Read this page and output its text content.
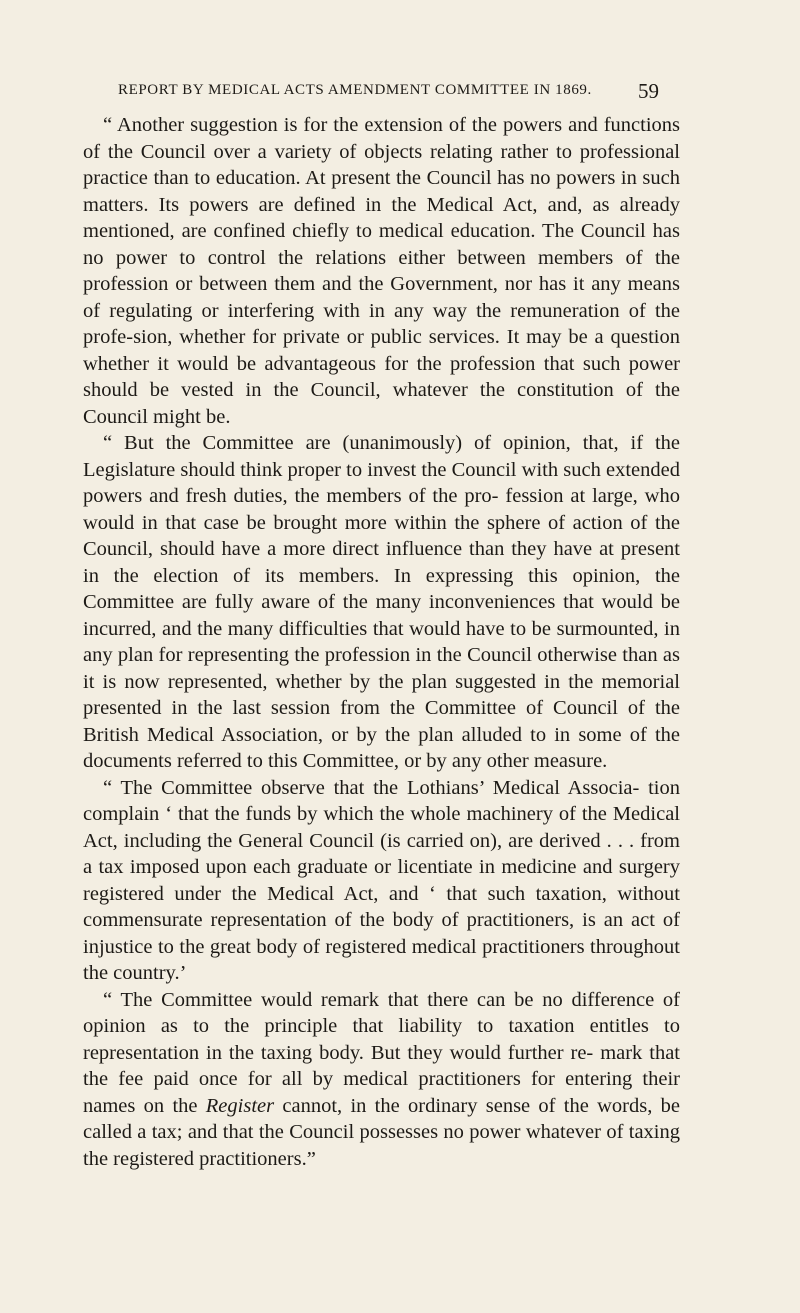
REPORT BY MEDICAL ACTS AMENDMENT COMMITTEE IN 1869.	59

“ Another suggestion is for the extension of the powers and functions of the Council over a variety of objects relating rather to professional practice than to education. At present the Council has no powers in such matters. Its powers are defined in the Medical Act, and, as already mentioned, are confined chiefly to medical education. The Council has no power to control the relations either between members of the profession or between them and the Government, nor has it any means of regulating or interfering with in any way the remuneration of the profe-sion, whether for private or public services. It may be a question whether it would be advantageous for the profession that such power should be vested in the Council, whatever the constitution of the Council might be.

“ But the Committee are (unanimously) of opinion, that, if the Legislature should think proper to invest the Council with such extended powers and fresh duties, the members of the pro- fession at large, who would in that case be brought more within the sphere of action of the Council, should have a more direct influence than they have at present in the election of its members. In expressing this opinion, the Committee are fully aware of the many inconveniences that would be incurred, and the many difficulties that would have to be surmounted, in any plan for representing the profession in the Council otherwise than as it is now represented, whether by the plan suggested in the memorial presented in the last session from the Committee of Council of the British Medical Association, or by the plan alluded to in some of the documents referred to this Committee, or by any other measure.

“ The Committee observe that the Lothians’ Medical Associa- tion complain ‘ that the funds by which the whole machinery of the Medical Act, including the General Council (is carried on), are derived . . . from a tax imposed upon each graduate or licentiate in medicine and surgery registered under the Medical Act, and ‘ that such taxation, without commensurate representation of the body of practitioners, is an act of injustice to the great body of registered medical practitioners throughout the country.’

“ The Committee would remark that there can be no difference of opinion as to the principle that liability to taxation entitles to representation in the taxing body. But they would further re- mark that the fee paid once for all by medical practitioners for entering their names on the Register cannot, in the ordinary sense of the words, be called a tax; and that the Council possesses no power whatever of taxing the registered practitioners.”
